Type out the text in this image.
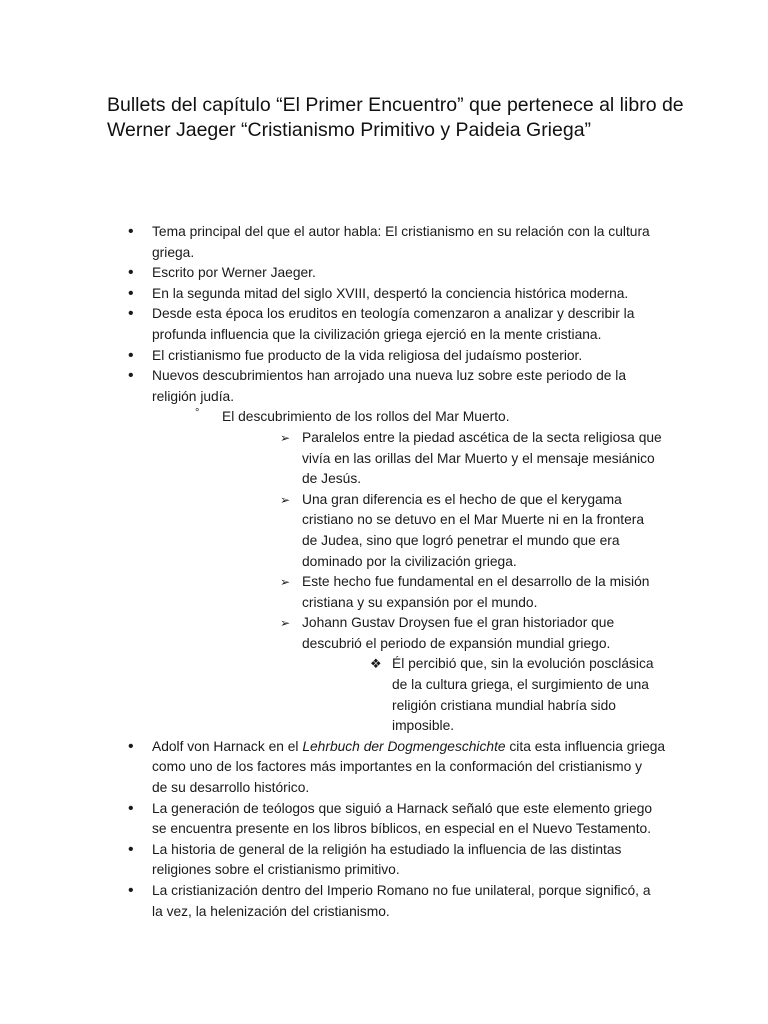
Bullets del capítulo “El Primer Encuentro” que pertenece al libro de
Werner Jaeger “Cristianismo Primitivo y Paideia Griega”
• Tema principal del que el autor habla: El cristianismo en su relación con la cultura
griega.
• Escrito por Werner Jaeger.
• En la segunda mitad del siglo XVIII, despertó la conciencia histórica moderna.
• Desde esta época los eruditos en teología comenzaron a analizar y describir la
profunda influencia que la civilización griega ejerció en la mente cristiana.
• El cristianismo fue producto de la vida religiosa del judaísmo posterior.
• Nuevos descubrimientos han arrojado una nueva luz sobre este periodo de la
religión judía.
° El descubrimiento de los rollos del Mar Muerto.
➢ Paralelos entre la piedad ascética de la secta religiosa que
vivía en las orillas del Mar Muerto y el mensaje mesiánico
de Jesús.
➢ Una gran diferencia es el hecho de que el kerygama
cristiano no se detuvo en el Mar Muerte ni en la frontera
de Judea, sino que logró penetrar el mundo que era
dominado por la civilización griega.
➢ Este hecho fue fundamental en el desarrollo de la misión
cristiana y su expansión por el mundo.
➢ Johann Gustav Droysen fue el gran historiador que
descubrió el periodo de expansión mundial griego.
❖ Él percibió que, sin la evolución posclásica
de la cultura griega, el surgimiento de una
religión cristiana mundial habría sido
imposible.
• Adolf von Harnack en el Lehrbuch der Dogmengeschichte cita esta influencia griega
como uno de los factores más importantes en la conformación del cristianismo y
de su desarrollo histórico.
• La generación de teólogos que siguió a Harnack señaló que este elemento griego
se encuentra presente en los libros bíblicos, en especial en el Nuevo Testamento.
• La historia de general de la religión ha estudiado la influencia de las distintas
religiones sobre el cristianismo primitivo.
• La cristianización dentro del Imperio Romano no fue unilateral, porque significó, a
la vez, la helenización del cristianismo.
